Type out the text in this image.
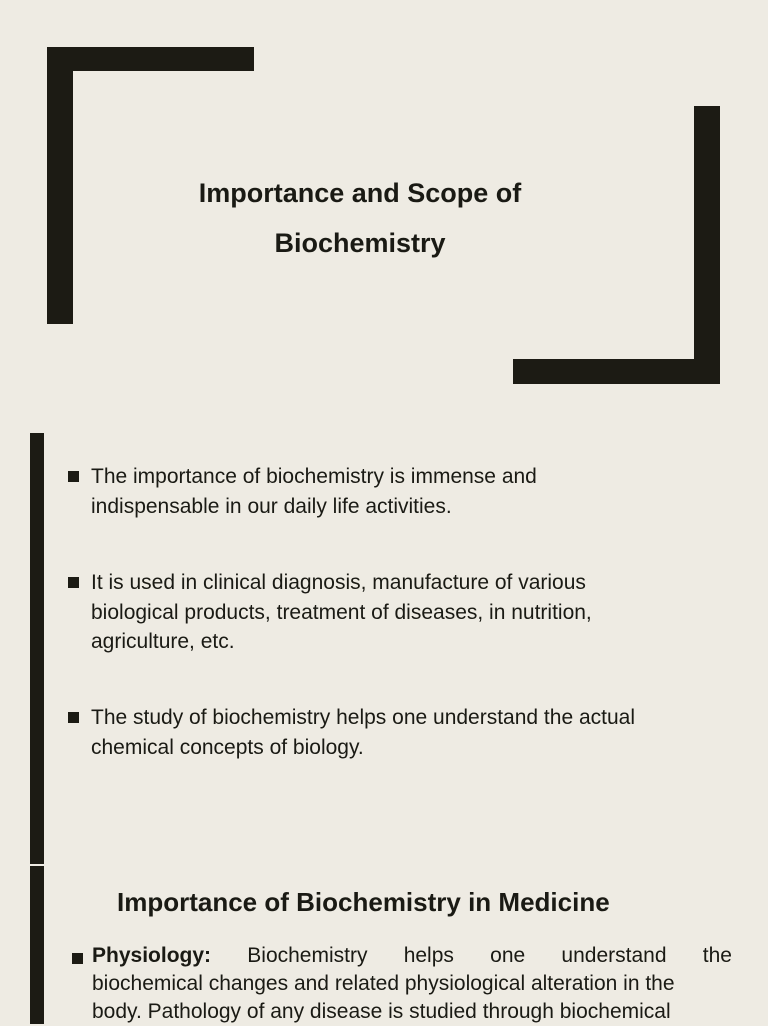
Importance and Scope of
Biochemistry
The importance of biochemistry is immense and
indispensable in our daily life activities.
It is used in clinical diagnosis, manufacture of various
biological products, treatment of diseases, in nutrition,
agriculture, etc.
The study of biochemistry helps one understand the actual
chemical concepts of biology.
Importance of Biochemistry in Medicine
Physiology: Biochemistry helps one understand the
biochemical changes and related physiological alteration in the
body. Pathology of any disease is studied through biochemical
